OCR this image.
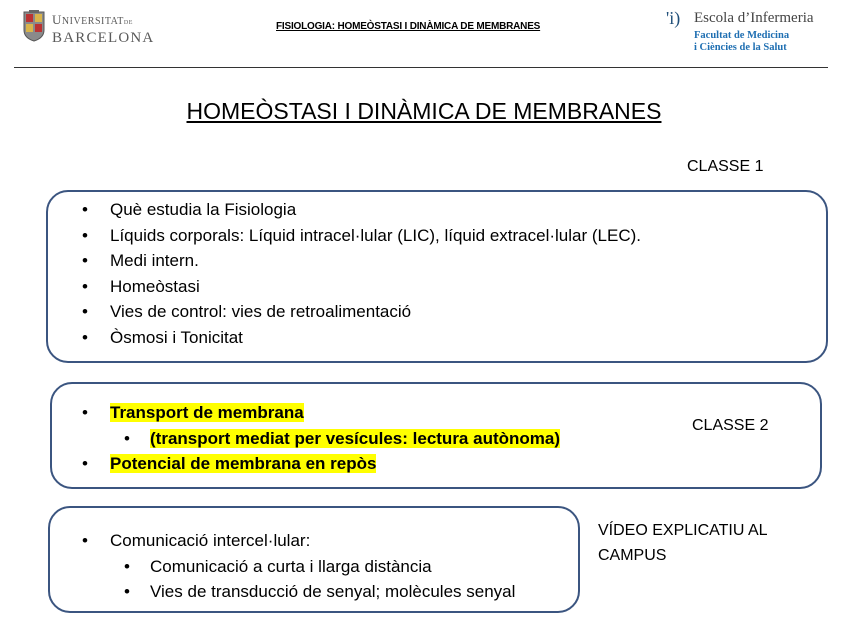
UNIVERSITATDE
BARCELONA
FISIOLOGIA: HOMEÒSTASI I DINÀMICA DE MEMBRANES	'i) Escola d’Infermeria
Facultat de Medicina
i Ciències de la Salut
HOMEÒSTASI I DINÀMICA DE MEMBRANES
CLASSE 1
• Què estudia la Fisiologia
• Líquids corporals: Líquid intracel·lular (LIC), líquid extracel·lular (LEC).
• Medi intern.
• Homeòstasi
• Vies de control: vies de retroalimentació
• Òsmosi i Tonicitat
• Transport de membrana
• (transport mediat per vesícules: lectura autònoma)
• Potencial de membrana en repòs
CLASSE 2
• Comunicació intercel·lular:
• Comunicació a curta i llarga distància
• Vies de transducció de senyal; molècules senyal
VÍDEO EXPLICATIU AL
CAMPUS
